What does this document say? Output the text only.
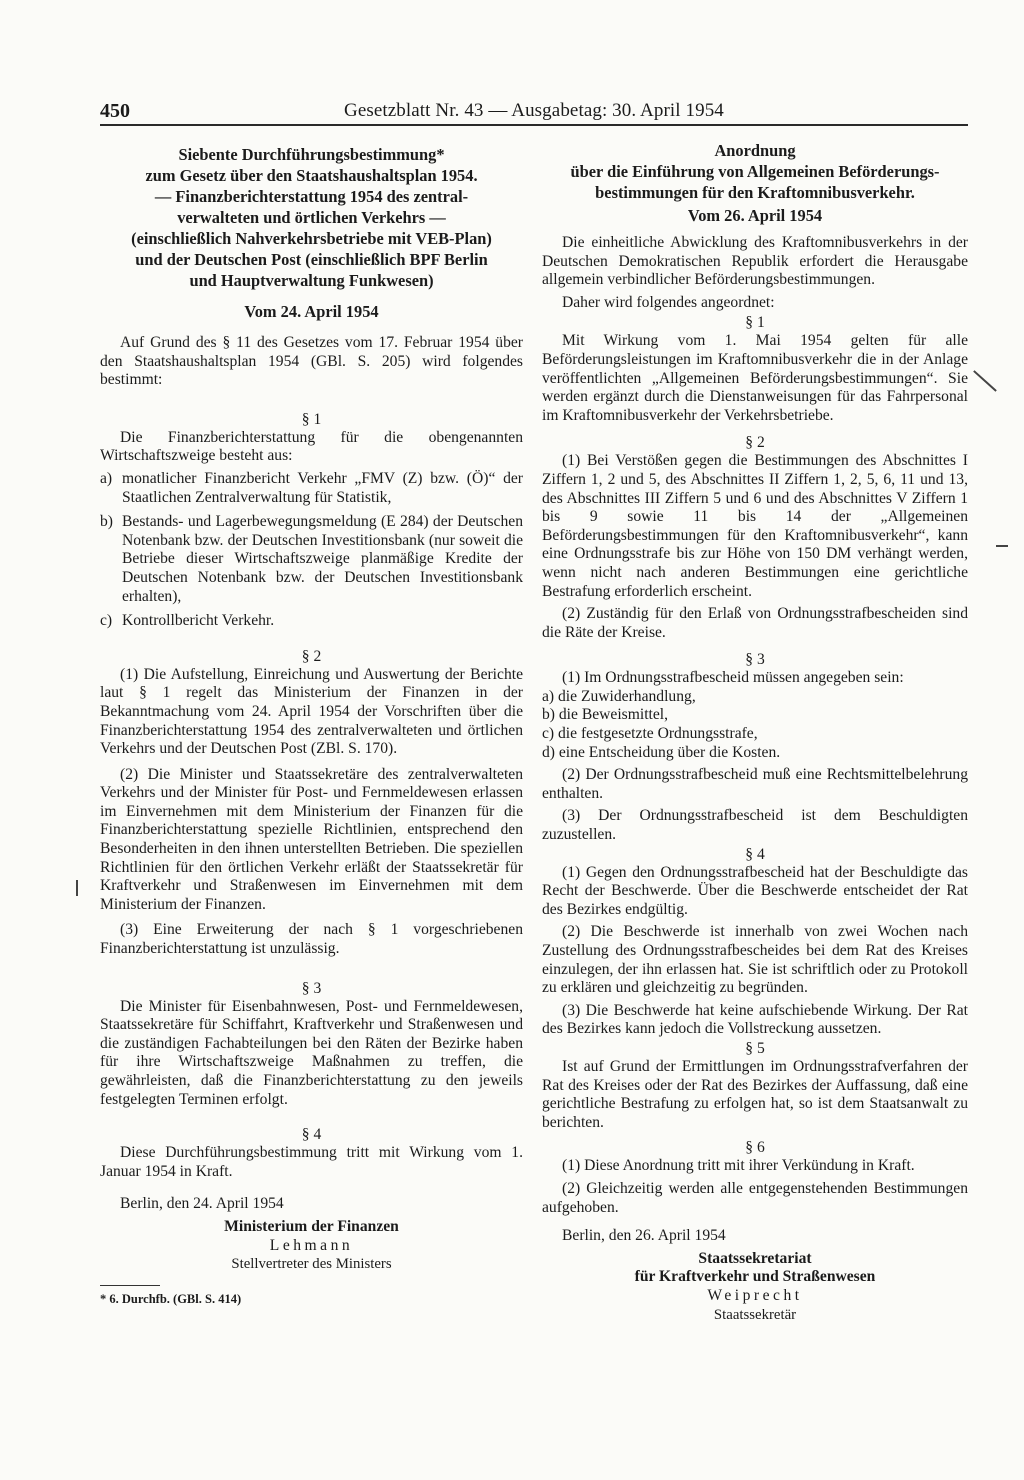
450	Gesetzblatt Nr. 43 — Ausgabetag: 30. April 1954
Siebente Durchführungsbestimmung*
zum Gesetz über den Staatshaushaltsplan 1954.
— Finanzberichterstattung 1954 des zentral-
verwalteten und örtlichen Verkehrs —
(einschließlich Nahverkehrsbetriebe mit VEB-Plan)
und der Deutschen Post (einschließlich BPF Berlin
und Hauptverwaltung Funkwesen)
Vom 24. April 1954

Auf Grund des § 11 des Gesetzes vom 17. Februar 1954 über den Staatshaushaltsplan 1954 (GBl. S. 205) wird folgendes bestimmt:

§ 1

Die Finanzberichterstattung für die obengenannten Wirtschaftszweige besteht aus:

a) monatlicher Finanzbericht Verkehr „FMV (Z) bzw. (Ö)“ der Staatlichen Zentralverwaltung für Statistik,
b) Bestands- und Lagerbewegungsmeldung (E 284) der Deutschen Notenbank bzw. der Deutschen Investitionsbank (nur soweit die Betriebe dieser Wirtschaftszweige planmäßige Kredite der Deutschen Notenbank bzw. der Deutschen Investitionsbank erhalten),
c) Kontrollbericht Verkehr.
§ 2

(1) Die Aufstellung, Einreichung und Auswertung der Berichte laut § 1 regelt das Ministerium der Finanzen in der Bekanntmachung vom 24. April 1954 der Vorschriften über die Finanzberichterstattung 1954 des zentralverwalteten und örtlichen Verkehrs und der Deutschen Post (ZBl. S. 170).

(2) Die Minister und Staatssekretäre des zentralverwalteten Verkehrs und der Minister für Post- und Fernmeldewesen erlassen im Einvernehmen mit dem Ministerium der Finanzen für die Finanzberichterstattung spezielle Richtlinien, entsprechend den Besonderheiten in den ihnen unterstellten Betrieben. Die speziellen Richtlinien für den örtlichen Verkehr erläßt der Staatssekretär für Kraftverkehr und Straßenwesen im Einvernehmen mit dem Ministerium der Finanzen.

(3) Eine Erweiterung der nach § 1 vorgeschriebenen Finanzberichterstattung ist unzulässig.

§ 3

Die Minister für Eisenbahnwesen, Post- und Fernmeldewesen, Staatssekretäre für Schiffahrt, Kraftverkehr und Straßenwesen und die zuständigen Fachabteilungen bei den Räten der Bezirke haben für ihre Wirtschaftszweige Maßnahmen zu treffen, die gewährleisten, daß die Finanzberichterstattung zu den jeweils festgelegten Terminen erfolgt.

§ 4

Diese Durchführungsbestimmung tritt mit Wirkung vom 1. Januar 1954 in Kraft.

Berlin, den 24. April 1954

Ministerium der Finanzen
Lehmann
Stellvertreter des Ministers
* 6. Durchfb. (GBl. S. 414)
Anordnung
über die Einführung von Allgemeinen Beförderungs-
bestimmungen für den Kraftomnibusverkehr.
Vom 26. April 1954

Die einheitliche Abwicklung des Kraftomnibusverkehrs in der Deutschen Demokratischen Republik erfordert die Herausgabe allgemein verbindlicher Beförderungsbestimmungen.

Daher wird folgendes angeordnet:

§ 1

Mit Wirkung vom 1. Mai 1954 gelten für alle Beförderungsleistungen im Kraftomnibusverkehr die in der Anlage veröffentlichten „Allgemeinen Beförderungsbestimmungen“. Sie werden ergänzt durch die Dienstanweisungen für das Fahrpersonal im Kraftomnibusverkehr der Verkehrsbetriebe.

§ 2

(1) Bei Verstößen gegen die Bestimmungen des Abschnittes I Ziffern 1, 2 und 5, des Abschnittes II Ziffern 1, 2, 5, 6, 11 und 13, des Abschnittes III Ziffern 5 und 6 und des Abschnittes V Ziffern 1 bis 9 sowie 11 bis 14 der „Allgemeinen Beförderungsbestimmungen für den Kraftomnibusverkehr“, kann eine Ordnungsstrafe bis zur Höhe von 150 DM verhängt werden, wenn nicht nach anderen Bestimmungen eine gerichtliche Bestrafung erforderlich erscheint.

(2) Zuständig für den Erlaß von Ordnungsstrafbescheiden sind die Räte der Kreise.

§ 3

(1) Im Ordnungsstrafbescheid müssen angegeben sein:

a) die Zuwiderhandlung,
b) die Beweismittel,
c) die festgesetzte Ordnungsstrafe,
d) eine Entscheidung über die Kosten.

(2) Der Ordnungsstrafbescheid muß eine Rechtsmittelbelehrung enthalten.

(3) Der Ordnungsstrafbescheid ist dem Beschuldigten zuzustellen.

§ 4

(1) Gegen den Ordnungsstrafbescheid hat der Beschuldigte das Recht der Beschwerde. Über die Beschwerde entscheidet der Rat des Bezirkes endgültig.

(2) Die Beschwerde ist innerhalb von zwei Wochen nach Zustellung des Ordnungsstrafbescheides bei dem Rat des Kreises einzulegen, der ihn erlassen hat. Sie ist schriftlich oder zu Protokoll zu erklären und gleichzeitig zu begründen.

(3) Die Beschwerde hat keine aufschiebende Wirkung. Der Rat des Bezirkes kann jedoch die Vollstreckung aussetzen.

§ 5

Ist auf Grund der Ermittlungen im Ordnungsstrafverfahren der Rat des Kreises oder der Rat des Bezirkes der Auffassung, daß eine gerichtliche Bestrafung zu erfolgen hat, so ist dem Staatsanwalt zu berichten.

§ 6

(1) Diese Anordnung tritt mit ihrer Verkündung in Kraft.

(2) Gleichzeitig werden alle entgegenstehenden Bestimmungen aufgehoben.

Berlin, den 26. April 1954

Staatssekretariat
für Kraftverkehr und Straßenwesen
Weiprecht
Staatssekretär
